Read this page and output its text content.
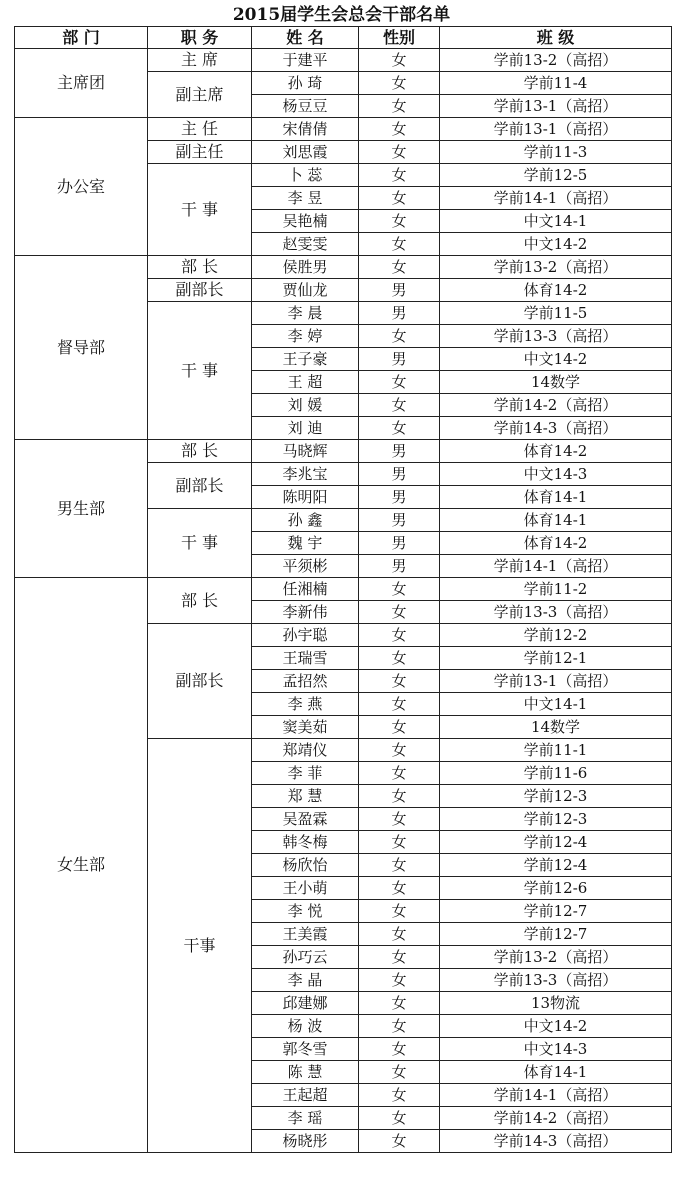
2015届学生会总会干部名单
部 门	职 务	姓 名	性别	班 级
主席团	主 席	于建平	女	学前13-2（高招）
	副主席	孙 琦	女	学前11-4
		杨豆豆	女	学前13-1（高招）
办公室	主 任	宋倩倩	女	学前13-1（高招）
	副主任	刘思霞	女	学前11-3
	干 事	卜 蕊	女	学前12-5
		李 昱	女	学前14-1（高招）
		吴艳楠	女	中文14-1
		赵雯雯	女	中文14-2
督导部	部 长	侯胜男	女	学前13-2（高招）
	副部长	贾仙龙	男	体育14-2
	干 事	李 晨	男	学前11-5
		李 婷	女	学前13-3（高招）
		王子豪	男	中文14-2
		王 超	女	14数学
		刘 媛	女	学前14-2（高招）
		刘 迪	女	学前14-3（高招）
男生部	部 长	马晓辉	男	体育14-2
	副部长	李兆宝	男	中文14-3
		陈明阳	男	体育14-1
	干 事	孙 鑫	男	体育14-1
		魏 宇	男	体育14-2
		平须彬	男	学前14-1（高招）
女生部	部 长	任湘楠	女	学前11-2
		李新伟	女	学前13-3（高招）
	副部长	孙宇聪	女	学前12-2
		王瑞雪	女	学前12-1
		孟招然	女	学前13-1（高招）
		李 燕	女	中文14-1
		窦美茹	女	14数学
	干事	郑靖仪	女	学前11-1
		李 菲	女	学前11-6
		郑 慧	女	学前12-3
		吴盈霖	女	学前12-3
		韩冬梅	女	学前12-4
		杨欣怡	女	学前12-4
		王小萌	女	学前12-6
		李 悦	女	学前12-7
		王美霞	女	学前12-7
		孙巧云	女	学前13-2（高招）
		李 晶	女	学前13-3（高招）
		邱建娜	女	13物流
		杨 波	女	中文14-2
		郭冬雪	女	中文14-3
		陈 慧	女	体育14-1
		王起超	女	学前14-1（高招）
		李 瑶	女	学前14-2（高招）
		杨晓彤	女	学前14-3（高招）
